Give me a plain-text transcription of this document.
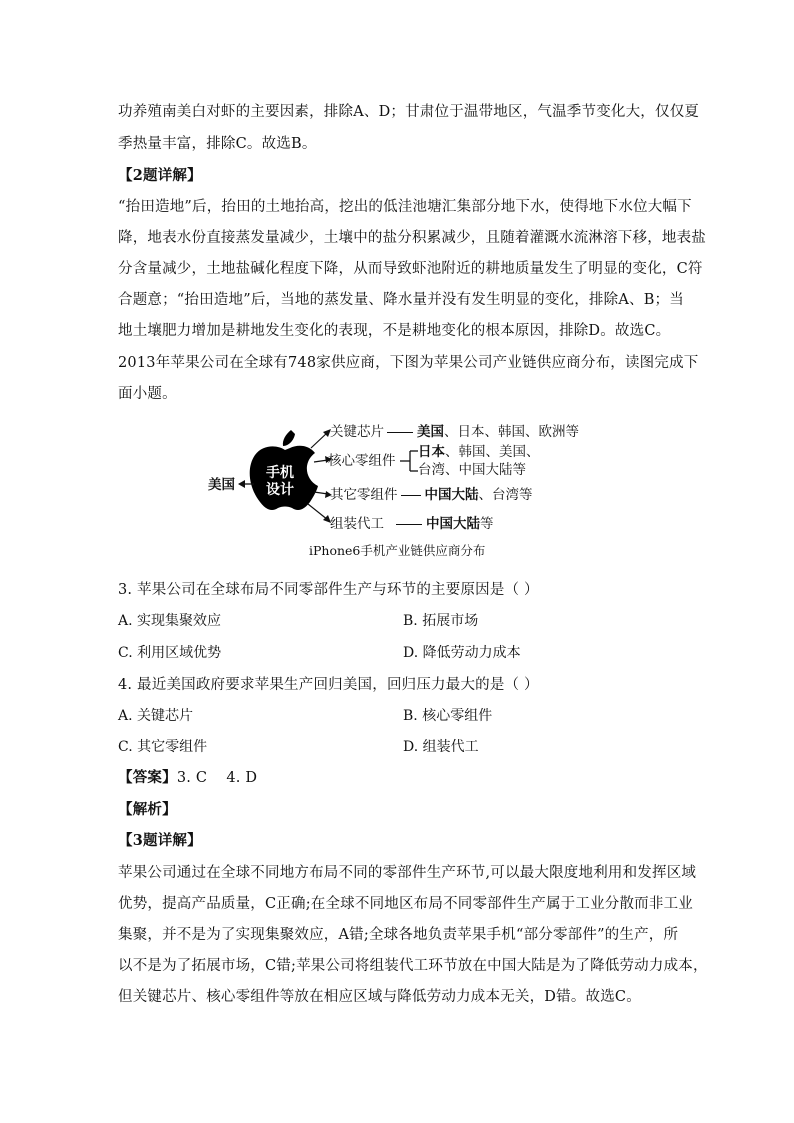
功养殖南美白对虾的主要因素，排除A、D；甘肃位于温带地区，气温季节变化大，仅仅夏
季热量丰富，排除C。故选B。
【2题详解】
“抬田造地”后，抬田的土地抬高，挖出的低洼池塘汇集部分地下水，使得地下水位大幅下
降，地表水份直接蒸发量减少，土壤中的盐分积累减少，且随着灌溉水流淋溶下移，地表盐
分含量减少，土地盐碱化程度下降，从而导致虾池附近的耕地质量发生了明显的变化，C符
合题意；“抬田造地”后，当地的蒸发量、降水量并没有发生明显的变化，排除A、B；当
地土壤肥力增加是耕地发生变化的表现，不是耕地变化的根本原因，排除D。故选C。
2013年苹果公司在全球有748家供应商，下图为苹果公司产业链供应商分布，读图完成下
面小题。
手机
设计
美国
关键芯片 美国、日本、韩国、欧洲等
核心零组件
日本、韩国、美国、
台湾、中国大陆等
其它零组件 中国大陆、台湾等
组装代工	中国大陆等
iPhone6手机产业链供应商分布
3. 苹果公司在全球布局不同零部件生产与环节的主要原因是（ ）
A. 实现集聚效应	B. 拓展市场
C. 利用区域优势	D. 降低劳动力成本
4. 最近美国政府要求苹果生产回归美国，回归压力最大的是（ ）
A. 关键芯片	B. 核心零组件
C. 其它零组件	D. 组装代工
【答案】3. C    4. D
【解析】
【3题详解】
苹果公司通过在全球不同地方布局不同的零部件生产环节,可以最大限度地利用和发挥区域
优势，提高产品质量，C正确;在全球不同地区布局不同零部件生产属于工业分散而非工业
集聚，并不是为了实现集聚效应，A错;全球各地负责苹果手机“部分零部件”的生产，所
以不是为了拓展市场，C错;苹果公司将组装代工环节放在中国大陆是为了降低劳动力成本，
但关键芯片、核心零组件等放在相应区域与降低劳动力成本无关，D错。故选C。
